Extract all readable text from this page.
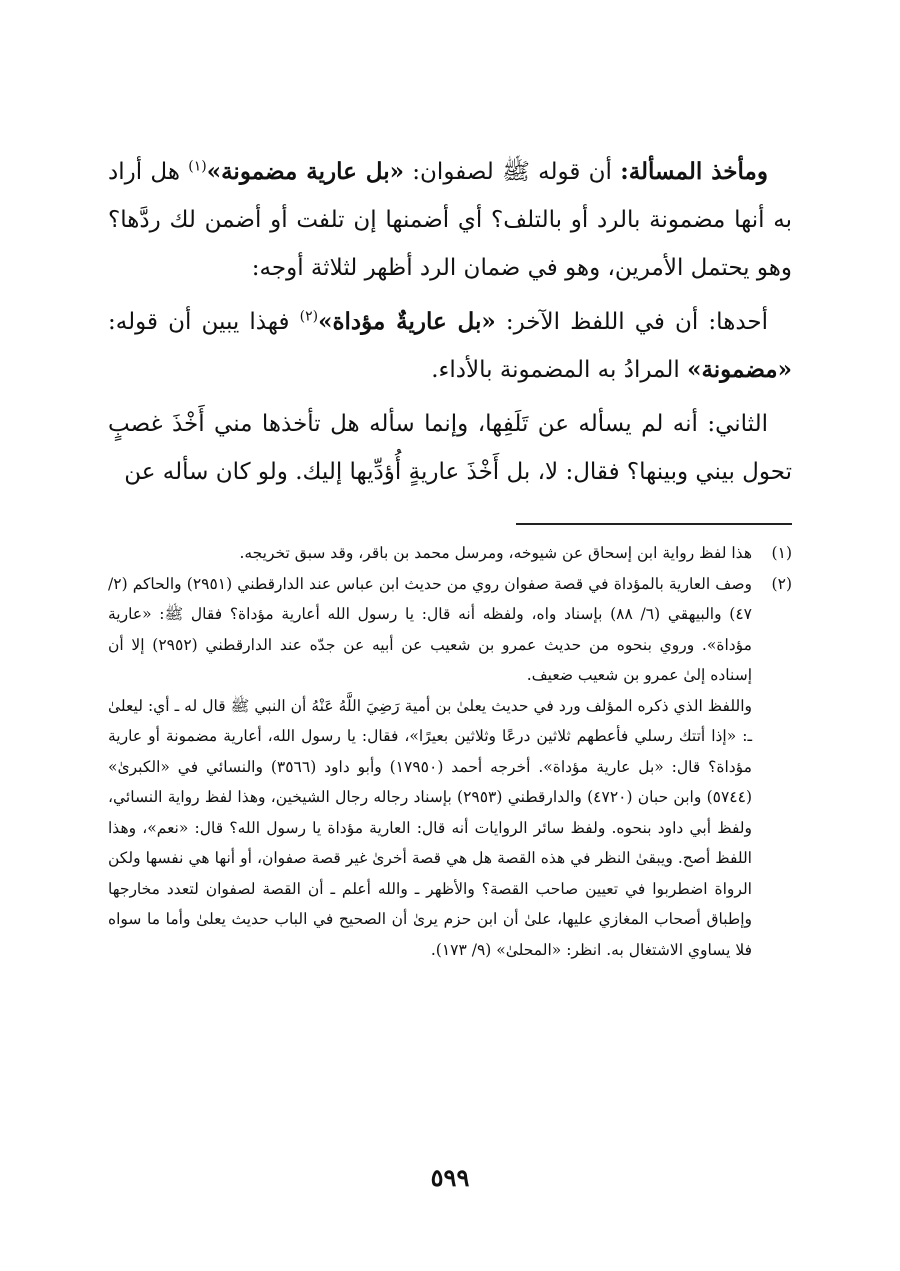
ومأخذ المسألة: أن قوله ﷺ لصفوان: «بل عارية مضمونة»$^{(١)}$ هل أراد به أنها مضمونة بالرد أو بالتلف؟ أي أضمنها إن تلفت أو أضمن لك ردَّها؟ وهو يحتمل الأمرين، وهو في ضمان الرد أظهر لثلاثة أوجه:

أحدها: أن في اللفظ الآخر: «بل عاريةٌ مؤداة»$^{(٢)}$ فهذا يبين أن قوله: «مضمونة» المرادُ به المضمونة بالأداء.

الثاني: أنه لم يسأله عن تَلَفِها، وإنما سأله هل تأخذها مني أَخْذَ غصبٍ تحول بيني وبينها؟ فقال: لا، بل أَخْذَ عاريةٍ أُؤدِّيها إليك. ولو كان سأله عن

(١)

هذا لفظ رواية ابن إسحاق عن شيوخه، ومرسل محمد بن باقر، وقد سبق تخريجه.

(٢)

وصف العارية بالمؤداة في قصة صفوان روي من حديث ابن عباس عند الدارقطني (٢٩٥١) والحاكم (٢/ ٤٧) والبيهقي (٦/ ٨٨) بإسناد واه، ولفظه أنه قال: يا رسول الله أعارية مؤداة؟ فقال ﷺ: «عارية مؤداة». وروي بنحوه من حديث عمرو بن شعيب عن أبيه عن جدّه عند الدارقطني (٢٩٥٢) إلا أن إسناده إلىٰ عمرو بن شعيب ضعيف.

واللفظ الذي ذكره المؤلف ورد في حديث يعلىٰ بن أمية رَضِيَ اللَّهُ عَنْهُ أن النبي ﷺ قال له ـ أي: ليعلىٰ ـ: «إذا أتتك رسلي فأعطهم ثلاثين درعًا وثلاثين بعيرًا»، فقال: يا رسول الله، أعارية مضمونة أو عارية مؤداة؟ قال: «بل عارية مؤداة». أخرجه أحمد (١٧٩٥٠) وأبو داود (٣٥٦٦) والنسائي في «الكبرىٰ» (٥٧٤٤) وابن حبان (٤٧٢٠) والدارقطني (٢٩٥٣) بإسناد رجاله رجال الشيخين، وهذا لفظ رواية النسائي، ولفظ أبي داود بنحوه. ولفظ سائر الروايات أنه قال: العارية مؤداة يا رسول الله؟ قال: «نعم»، وهذا اللفظ أصح. ويبقىٰ النظر في هذه القصة هل هي قصة أخرىٰ غير قصة صفوان، أو أنها هي نفسها ولكن الرواة اضطربوا في تعيين صاحب القصة؟ والأظهر ـ والله أعلم ـ أن القصة لصفوان لتعدد مخارجها وإطباق أصحاب المغازي عليها، علىٰ أن ابن حزم يرىٰ أن الصحيح في الباب حديث يعلىٰ وأما ما سواه فلا يساوي الاشتغال به. انظر: «المحلىٰ» (٩/ ١٧٣).

٥٩٩
